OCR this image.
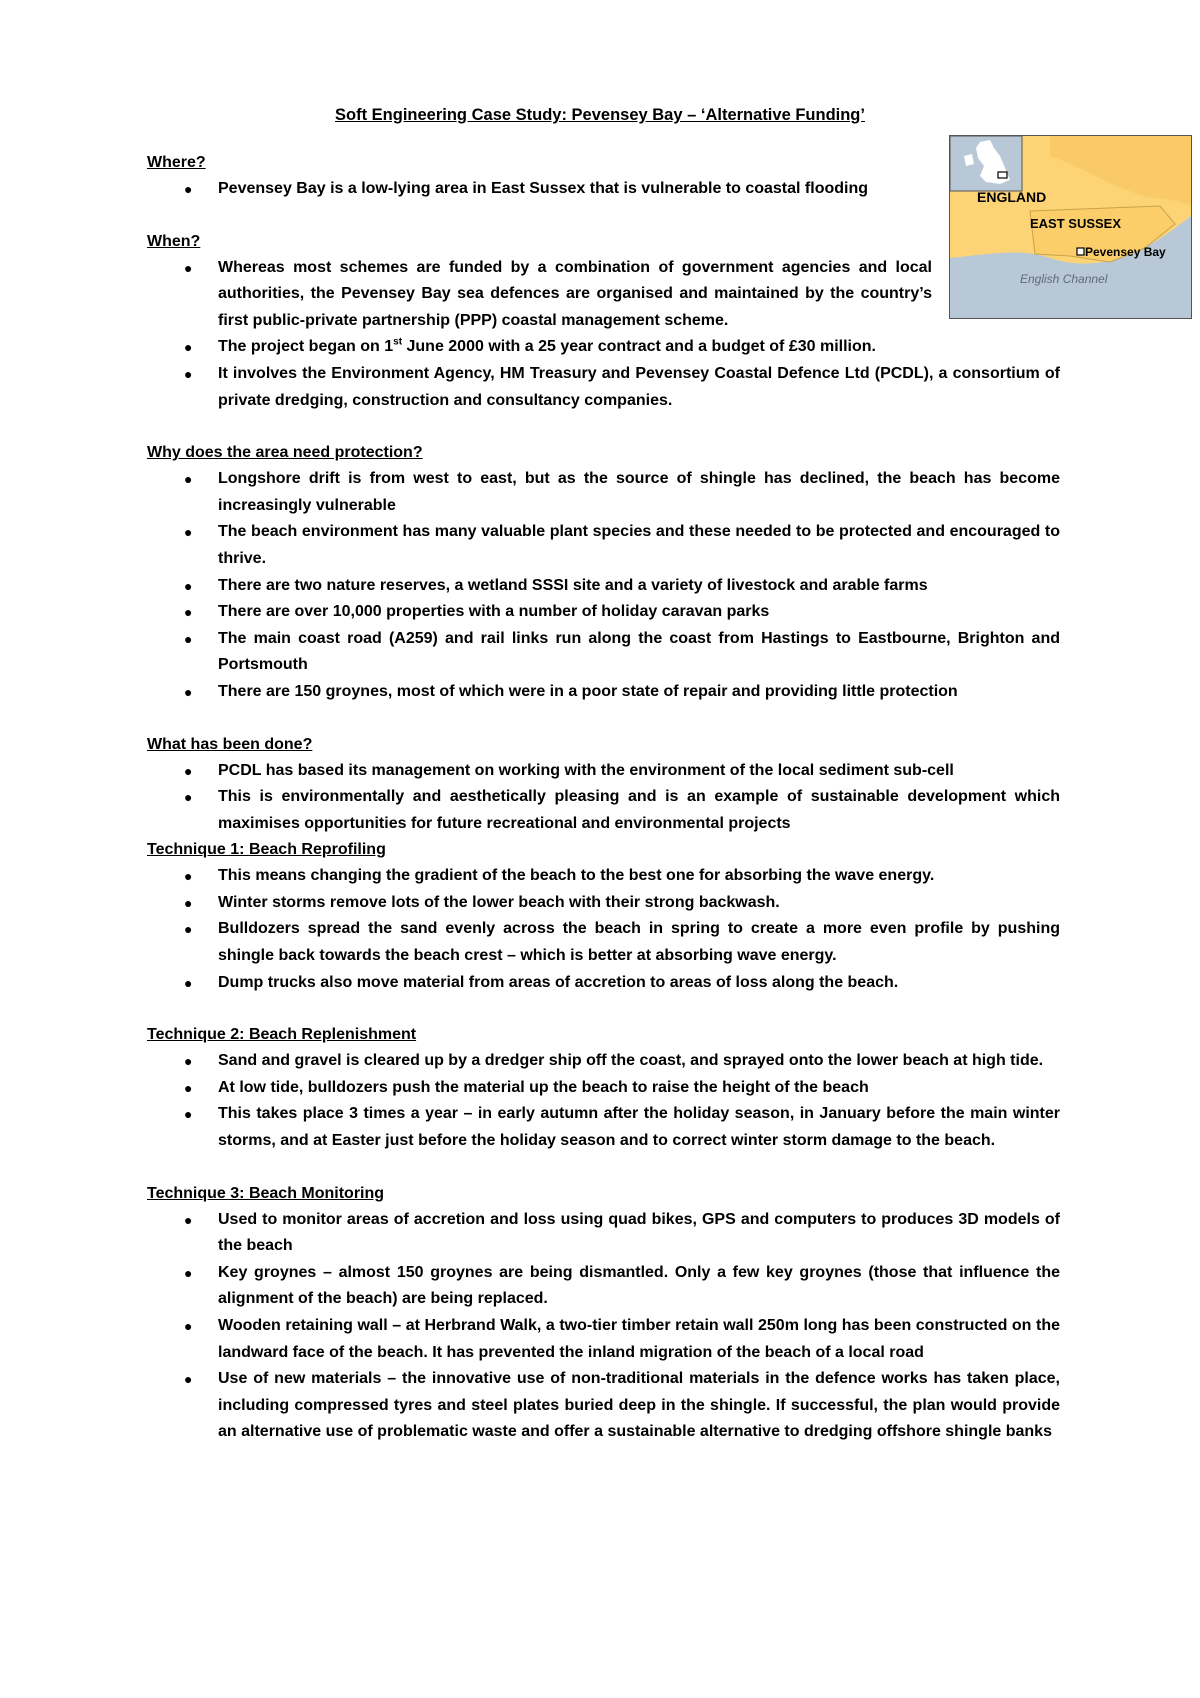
Soft Engineering Case Study: Pevensey Bay – ‘Alternative Funding’
ENGLAND
EAST SUSSEX
Pevensey Bay
English Channel
Where?
● Pevensey Bay is a low-lying area in East Sussex that is vulnerable to coastal flooding
When?
● Whereas most schemes are funded by a combination of government agencies and local authorities, the Pevensey Bay sea defences are organised and maintained by the country’s first public-private partnership (PPP) coastal management scheme.
● The project began on 1st June 2000 with a 25 year contract and a budget of £30 million.
● It involves the Environment Agency, HM Treasury and Pevensey Coastal Defence Ltd (PCDL), a consortium of private dredging, construction and consultancy companies.
Why does the area need protection?
● Longshore drift is from west to east, but as the source of shingle has declined, the beach has become increasingly vulnerable
● The beach environment has many valuable plant species and these needed to be protected and encouraged to thrive.
● There are two nature reserves, a wetland SSSI site and a variety of livestock and arable farms
● There are over 10,000 properties with a number of holiday caravan parks
● The main coast road (A259) and rail links run along the coast from Hastings to Eastbourne, Brighton and Portsmouth
● There are 150 groynes, most of which were in a poor state of repair and providing little protection
What has been done?
● PCDL has based its management on working with the environment of the local sediment sub-cell
● This is environmentally and aesthetically pleasing and is an example of sustainable development which maximises opportunities for future recreational and environmental projects
Technique 1: Beach Reprofiling
● This means changing the gradient of the beach to the best one for absorbing the wave energy.
● Winter storms remove lots of the lower beach with their strong backwash.
● Bulldozers spread the sand evenly across the beach in spring to create a more even profile by pushing shingle back towards the beach crest – which is better at absorbing wave energy.
● Dump trucks also move material from areas of accretion to areas of loss along the beach.
Technique 2: Beach Replenishment
● Sand and gravel is cleared up by a dredger ship off the coast, and sprayed onto the lower beach at high tide.
● At low tide, bulldozers push the material up the beach to raise the height of the beach
● This takes place 3 times a year – in early autumn after the holiday season, in January before the main winter storms, and at Easter just before the holiday season and to correct winter storm damage to the beach.
Technique 3: Beach Monitoring
● Used to monitor areas of accretion and loss using quad bikes, GPS and computers to produces 3D models of the beach
● Key groynes – almost 150 groynes are being dismantled. Only a few key groynes (those that influence the alignment of the beach) are being replaced.
● Wooden retaining wall – at Herbrand Walk, a two-tier timber retain wall 250m long has been constructed on the landward face of the beach. It has prevented the inland migration of the beach of a local road
● Use of new materials – the innovative use of non-traditional materials in the defence works has taken place, including compressed tyres and steel plates buried deep in the shingle. If successful, the plan would provide an alternative use of problematic waste and offer a sustainable alternative to dredging offshore shingle banks
